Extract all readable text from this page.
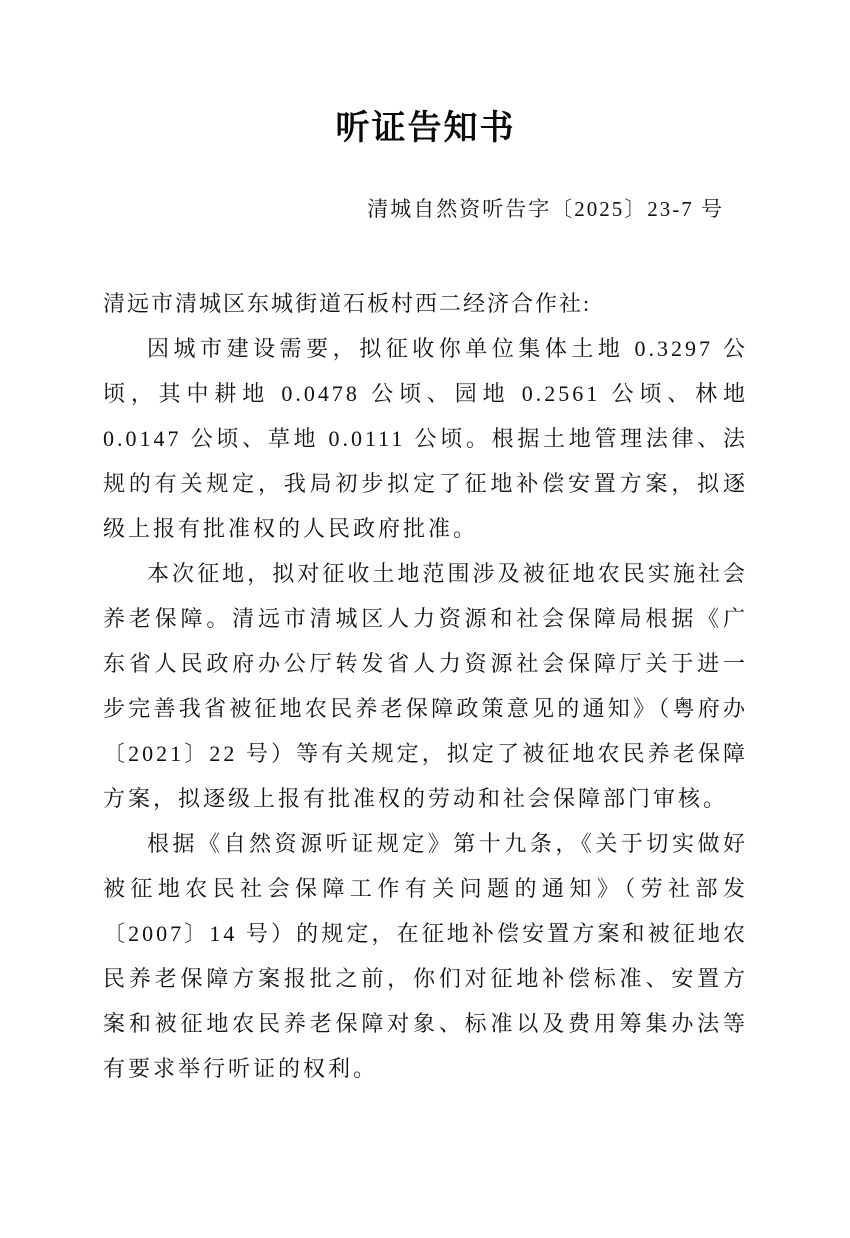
听证告知书
清城自然资听告字〔2025〕23-7 号

清远市清城区东城街道石板村西二经济合作社:

因城市建设需要，拟征收你单位集体土地 0.3297 公顷，其中耕地 0.0478 公顷、园地 0.2561 公顷、林地 0.0147 公顷、草地 0.0111 公顷。根据土地管理法律、法规的有关规定，我局初步拟定了征地补偿安置方案，拟逐级上报有批准权的人民政府批准。

本次征地，拟对征收土地范围涉及被征地农民实施社会养老保障。清远市清城区人力资源和社会保障局根据《广东省人民政府办公厅转发省人力资源社会保障厅关于进一步完善我省被征地农民养老保障政策意见的通知》（粤府办〔2021〕22 号）等有关规定，拟定了被征地农民养老保障方案，拟逐级上报有批准权的劳动和社会保障部门审核。

根据《自然资源听证规定》第十九条，《关于切实做好被征地农民社会保障工作有关问题的通知》（劳社部发〔2007〕14 号）的规定，在征地补偿安置方案和被征地农民养老保障方案报批之前，你们对征地补偿标准、安置方案和被征地农民养老保障对象、标准以及费用筹集办法等有要求举行听证的权利。
